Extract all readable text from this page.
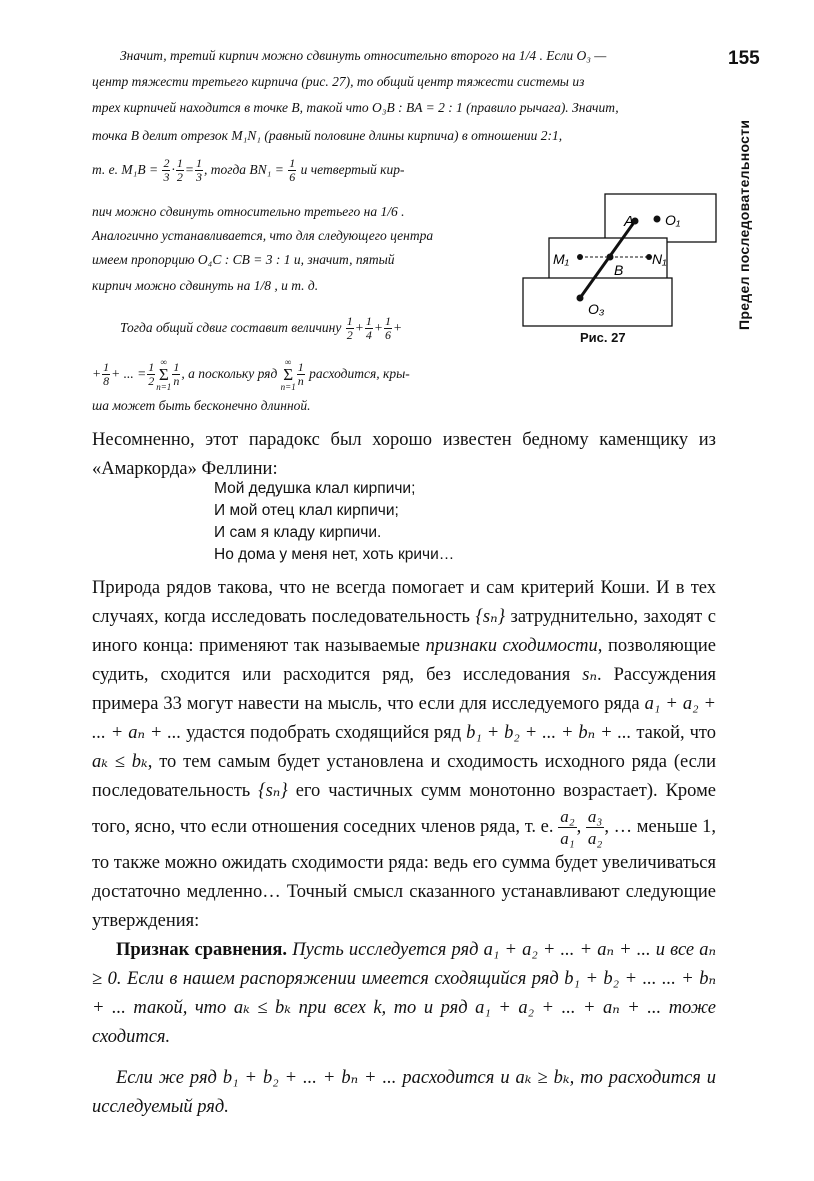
155
Предел последовательности
Значит, третий кирпич можно сдвинуть относительно второго на 1/4 . Если O₃ —
центр тяжести третьего кирпича (рис. 27), то общий центр тяжести системы из
трех кирпичей находится в точке B, такой что O₃B : BA = 2 : 1 (правило рычага). Значит,
точка B делит отрезок M₁N₁ (равный половине длины кирпича) в отношении 2:1,
т. е. $M_1B = \frac{2}{3} \cdot \frac{1}{2} = \frac{1}{3}$ , тогда $BN_1 = \frac{1}{6}$ и четвертый кир-
пич можно сдвинуть относительно третьего на 1/6 .
Аналогично устанавливается, что для следующего центра
имеем пропорцию O₄C : CB = 3 : 1 и, значит, пятый
кирпич можно сдвинуть на 1/8 , и т. д.
Тогда общий сдвиг составит величину $\frac{1}{2} + \frac{1}{4} + \frac{1}{6}$ +
+ $\frac{1}{8}$ + ... = $\frac{1}{2}$ ∞
Σ
$n=1 \frac{1}{n}$ , а поскольку ряд ∞
Σ
$n=1 \frac{1}{n}$ расходится, кры-
ша может быть бесконечно длинной.
A O₁
M₁
B
N₁
O₃
Рис. 27
Несомненно, этот парадокс был хорошо известен бедному каменщику из «Амаркорда» Феллини:
Мой дедушка клал кирпичи;
И мой отец клал кирпичи;
И сам я кладу кирпичи.
Но дома у меня нет, хоть кричи…
Природа рядов такова, что не всегда помогает и сам критерий Коши. И в тех случаях, когда исследовать последовательность {sₙ} затруднительно, заходят с иного конца: применяют так называемые признаки сходимости, позволяющие судить, сходится или расходится ряд, без исследования sₙ. Рассуждения примера 33 могут навести на мысль, что если для исследуемого ряда a₁ + a₂ + ... + aₙ + ... удастся подобрать сходящийся ряд b₁ + b₂ + ... + bₙ + ... такой, что aₖ ≤ bₖ, то тем самым будет установлена и сходимость исходного ряда (если последовательность {sₙ} его частичных сумм монотонно возрастает). Кроме того, ясно, что если отношения соседних членов ряда, т. е. $\frac{\text{a₂}}{\text{a₁}}$, $\frac{\text{a₃}}{\text{a₂}}$, … меньше 1, то также можно ожидать сходимости ряда: ведь его сумма будет увеличиваться достаточно медленно… Точный смысл сказанного устанавливают следующие утверждения:
Признак сравнения. Пусть исследуется ряд a₁ + a₂ + ... + aₙ + ... и все aₙ ≥ 0. Если в нашем распоряжении имеется сходящийся ряд b₁ + b₂ + ... ... + bₙ + ... такой, что aₖ ≤ bₖ при всех k, то и ряд a₁ + a₂ + ... + aₙ + ... тоже сходится.
Если же ряд b₁ + b₂ + ... + bₙ + ... расходится и aₖ ≥ bₖ, то расходится и исследуемый ряд.
